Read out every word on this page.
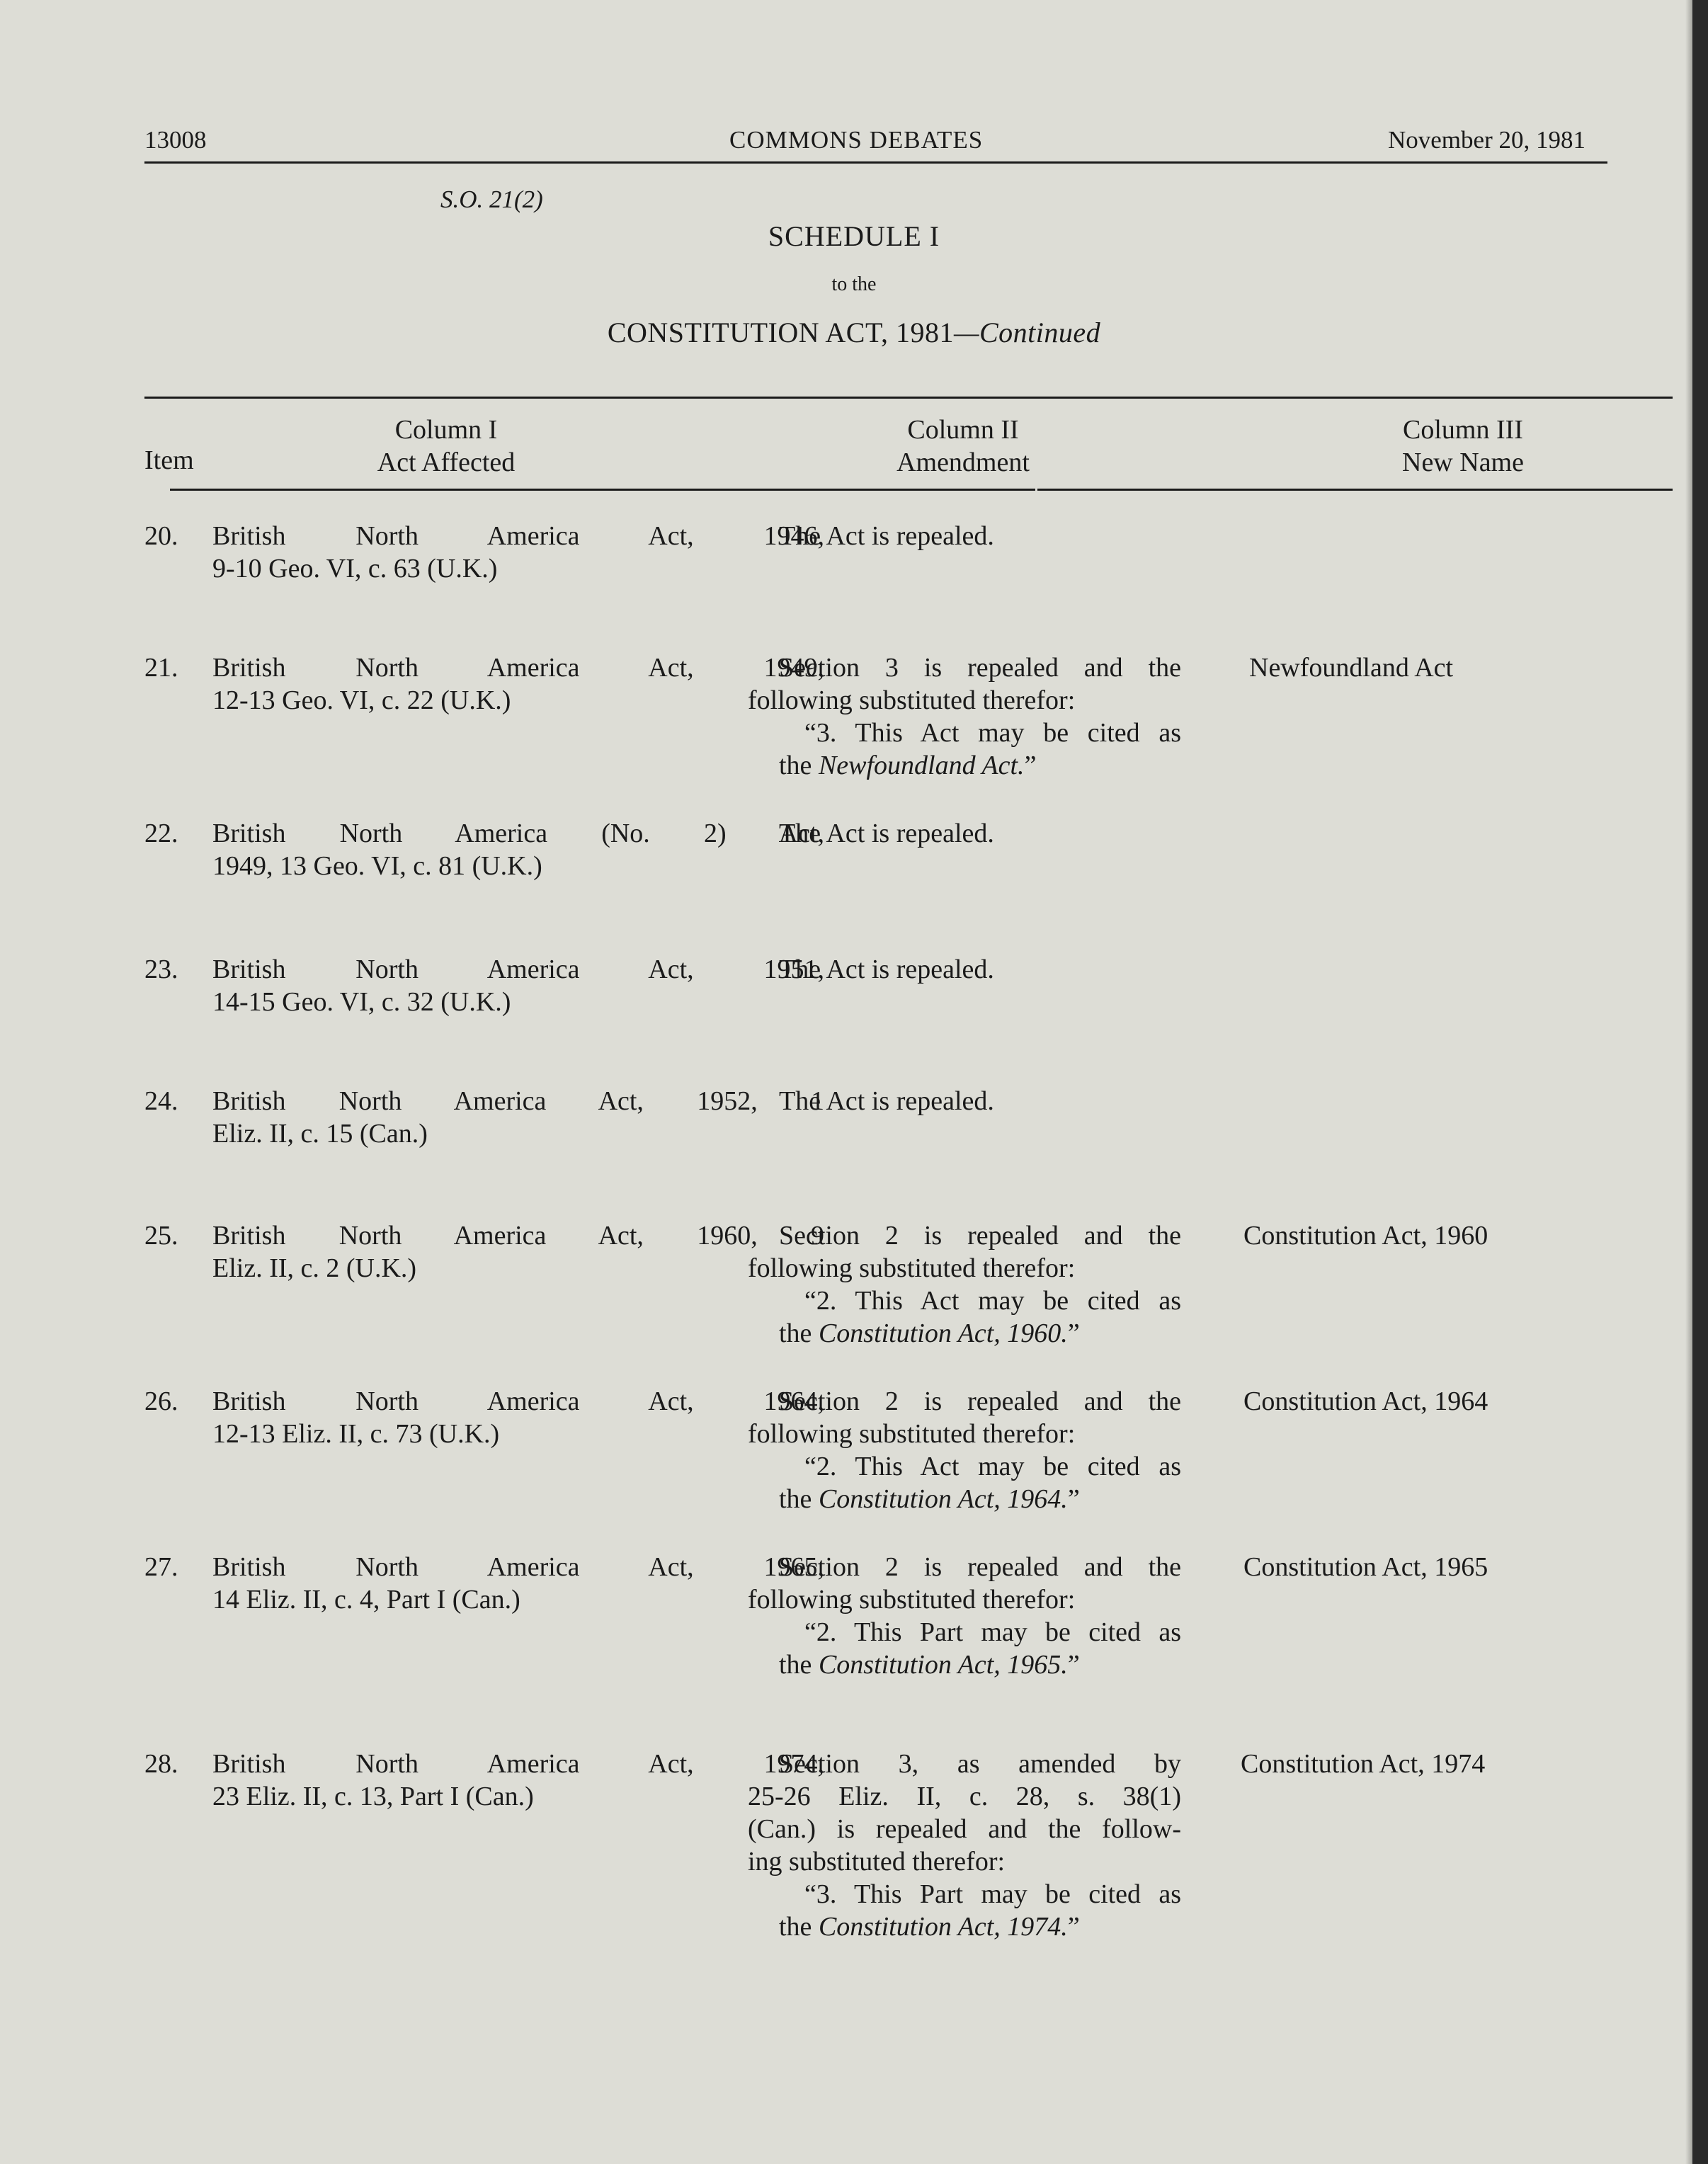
13008	COMMONS DEBATES	November 20, 1981
S.O. 21(2)
SCHEDULE I
to the
CONSTITUTION ACT, 1981—Continued
Item
Column I
Act Affected
Column II
Amendment
Column III
New Name
20. British North America Act, 1946,
9-10 Geo. VI, c. 63 (U.K.)
The Act is repealed.
21. British North America Act, 1949,
12-13 Geo. VI, c. 22 (U.K.)
Section 3 is repealed and the
following substituted therefor:
“3. This Act may be cited as
the Newfoundland Act.”
Newfoundland Act
22. British North America (No. 2) Act,
1949, 13 Geo. VI, c. 81 (U.K.)
The Act is repealed.
23. British North America Act, 1951,
14-15 Geo. VI, c. 32 (U.K.)
The Act is repealed.
24. British North America Act, 1952, 1
Eliz. II, c. 15 (Can.)
The Act is repealed.
25. British North America Act, 1960, 9
Eliz. II, c. 2 (U.K.)
Section 2 is repealed and the
following substituted therefor:
“2. This Act may be cited as
the Constitution Act, 1960.”
Constitution Act, 1960
26. British North America Act, 1964,
12-13 Eliz. II, c. 73 (U.K.)
Section 2 is repealed and the
following substituted therefor:
“2. This Act may be cited as
the Constitution Act, 1964.”
Constitution Act, 1964
27. British North America Act, 1965,
14 Eliz. II, c. 4, Part I (Can.)
Section 2 is repealed and the
following substituted therefor:
“2. This Part may be cited as
the Constitution Act, 1965.”
Constitution Act, 1965
28. British North America Act, 1974,
23 Eliz. II, c. 13, Part I (Can.)
Section 3, as amended by
25-26 Eliz. II, c. 28, s. 38(1)
(Can.) is repealed and the follow-
ing substituted therefor:
“3. This Part may be cited as
the Constitution Act, 1974.”
Constitution Act, 1974
